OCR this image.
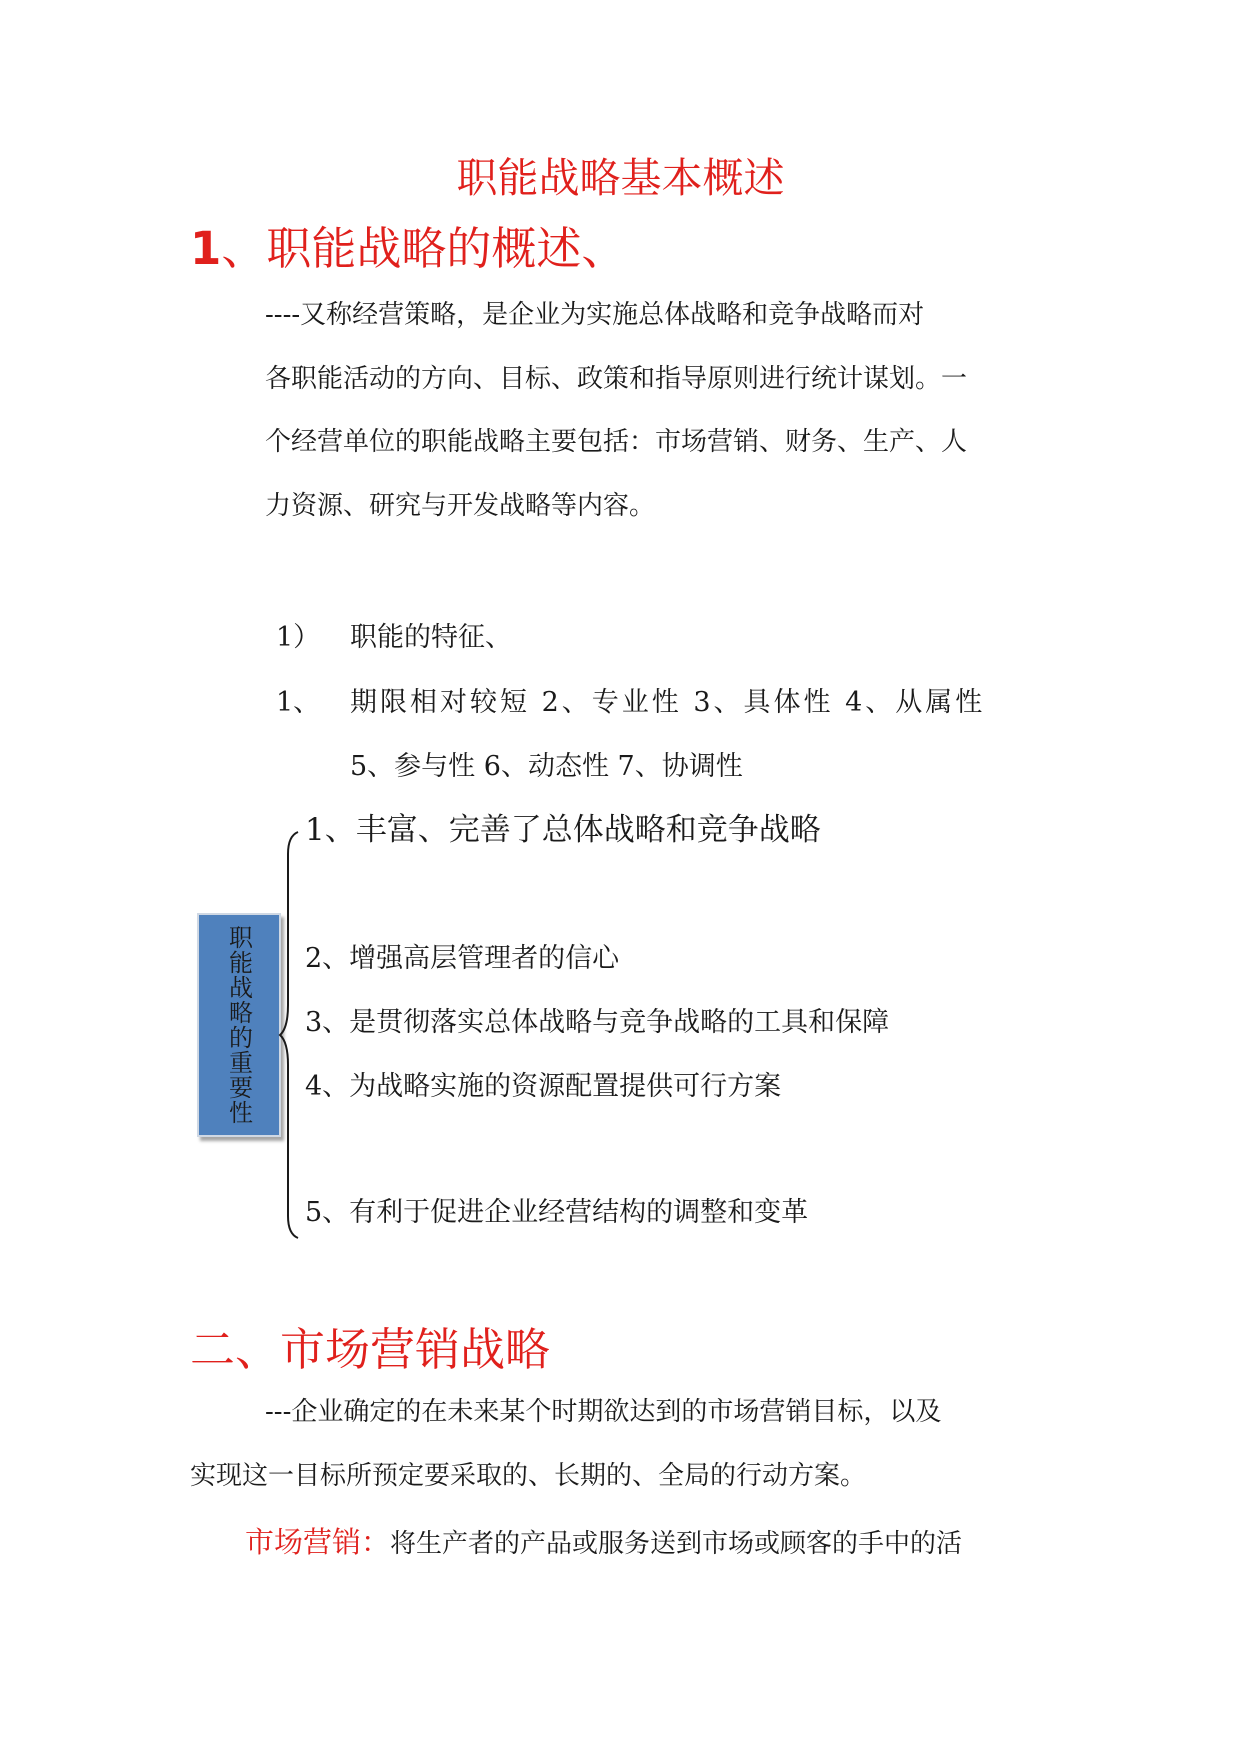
职能战略基本概述
1、职能战略的概述、
----又称经营策略，是企业为实施总体战略和竞争战略而对
各职能活动的方向、目标、政策和指导原则进行统计谋划。一
个经营单位的职能战略主要包括：市场营销、财务、生产、人
力资源、研究与开发战略等内容。
1） 职能的特征、
1、 期限相对较短 2、专业性 3、具体性 4、从属性
5、参与性 6、动态性 7、协调性
职能战略的重要性
1、丰富、完善了总体战略和竞争战略
2、增强高层管理者的信心
3、是贯彻落实总体战略与竞争战略的工具和保障
4、为战略实施的资源配置提供可行方案
5、有利于促进企业经营结构的调整和变革
二、市场营销战略
---企业确定的在未来某个时期欲达到的市场营销目标，以及
实现这一目标所预定要采取的、长期的、全局的行动方案。
市场营销：将生产者的产品或服务送到市场或顾客的手中的活
